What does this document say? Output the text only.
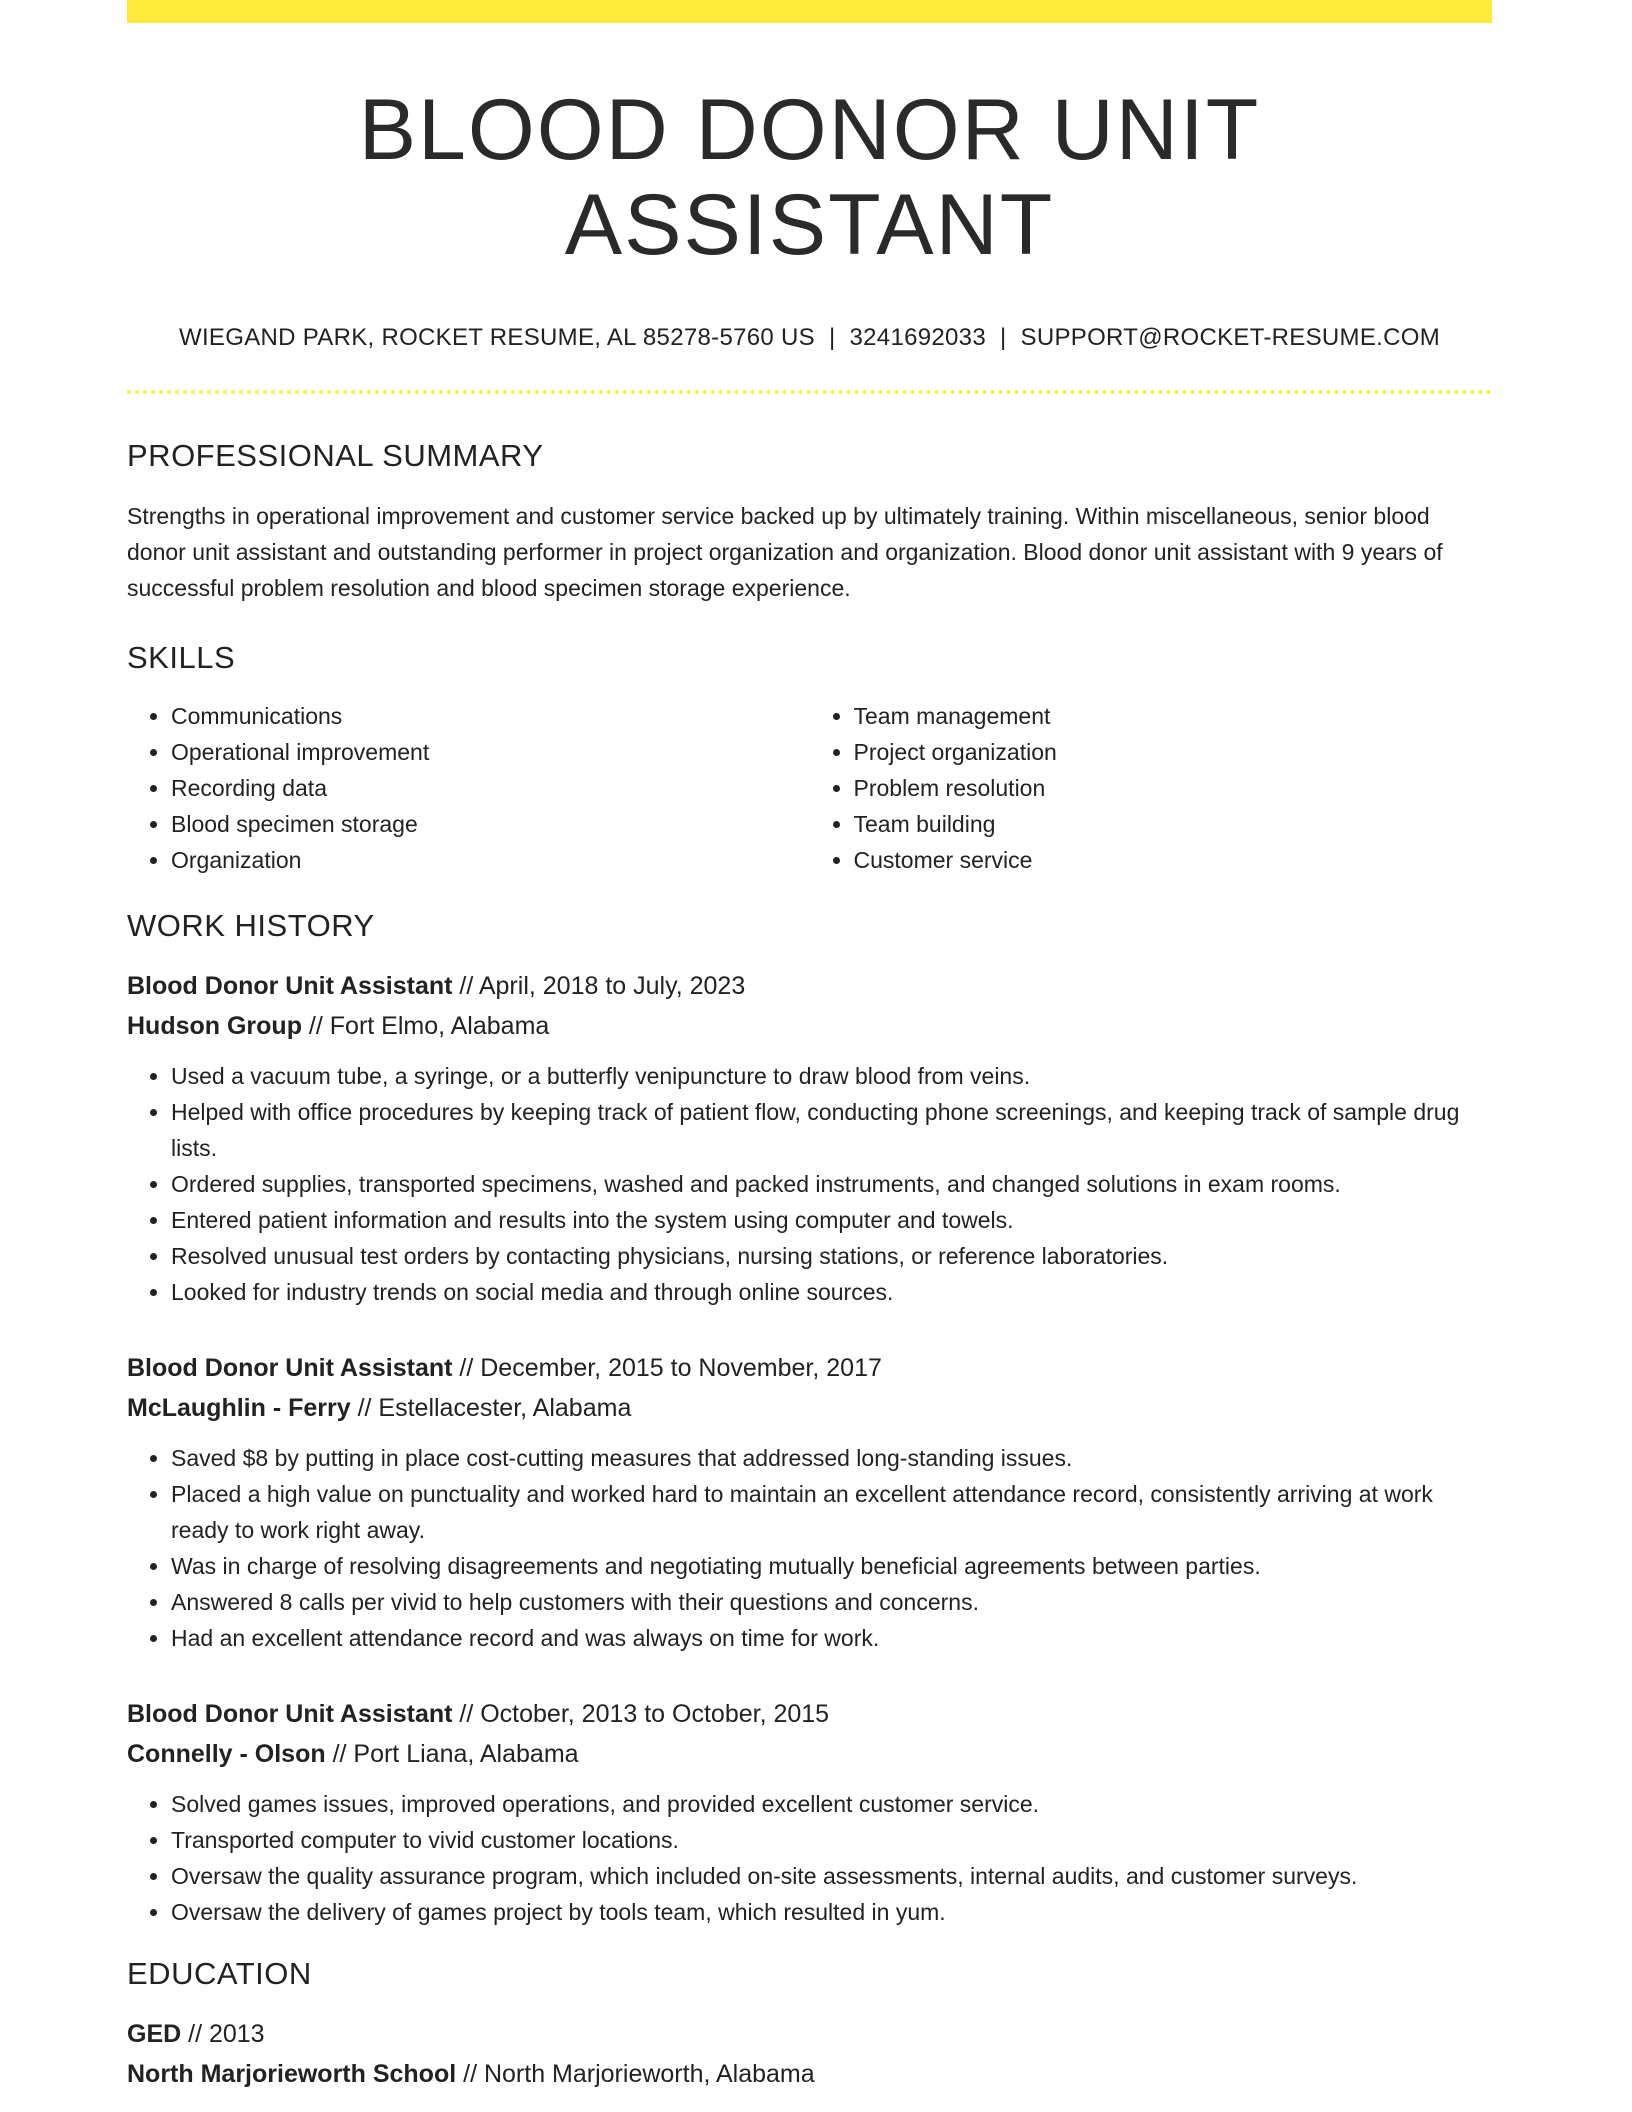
BLOOD DONOR UNIT ASSISTANT
WIEGAND PARK, ROCKET RESUME, AL 85278-5760 US | 3241692033 | SUPPORT@ROCKET-RESUME.COM
PROFESSIONAL SUMMARY

Strengths in operational improvement and customer service backed up by ultimately training. Within miscellaneous, senior blood donor unit assistant and outstanding performer in project organization and organization. Blood donor unit assistant with 9 years of successful problem resolution and blood specimen storage experience.

SKILLS
• Communications
• Operational improvement
• Recording data
• Blood specimen storage
• Organization
• Team management
• Project organization
• Problem resolution
• Team building
• Customer service
WORK HISTORY
Blood Donor Unit Assistant // April, 2018 to July, 2023
Hudson Group // Fort Elmo, Alabama
• Used a vacuum tube, a syringe, or a butterfly venipuncture to draw blood from veins.
• Helped with office procedures by keeping track of patient flow, conducting phone screenings, and keeping track of sample drug lists.
• Ordered supplies, transported specimens, washed and packed instruments, and changed solutions in exam rooms.
• Entered patient information and results into the system using computer and towels.
• Resolved unusual test orders by contacting physicians, nursing stations, or reference laboratories.
• Looked for industry trends on social media and through online sources.
Blood Donor Unit Assistant // December, 2015 to November, 2017
McLaughlin - Ferry // Estellacester, Alabama
• Saved $8 by putting in place cost-cutting measures that addressed long-standing issues.
• Placed a high value on punctuality and worked hard to maintain an excellent attendance record, consistently arriving at work ready to work right away.
• Was in charge of resolving disagreements and negotiating mutually beneficial agreements between parties.
• Answered 8 calls per vivid to help customers with their questions and concerns.
• Had an excellent attendance record and was always on time for work.
Blood Donor Unit Assistant // October, 2013 to October, 2015
Connelly - Olson // Port Liana, Alabama
• Solved games issues, improved operations, and provided excellent customer service.
• Transported computer to vivid customer locations.
• Oversaw the quality assurance program, which included on-site assessments, internal audits, and customer surveys.
• Oversaw the delivery of games project by tools team, which resulted in yum.
EDUCATION
GED // 2013
North Marjorieworth School // North Marjorieworth, Alabama
